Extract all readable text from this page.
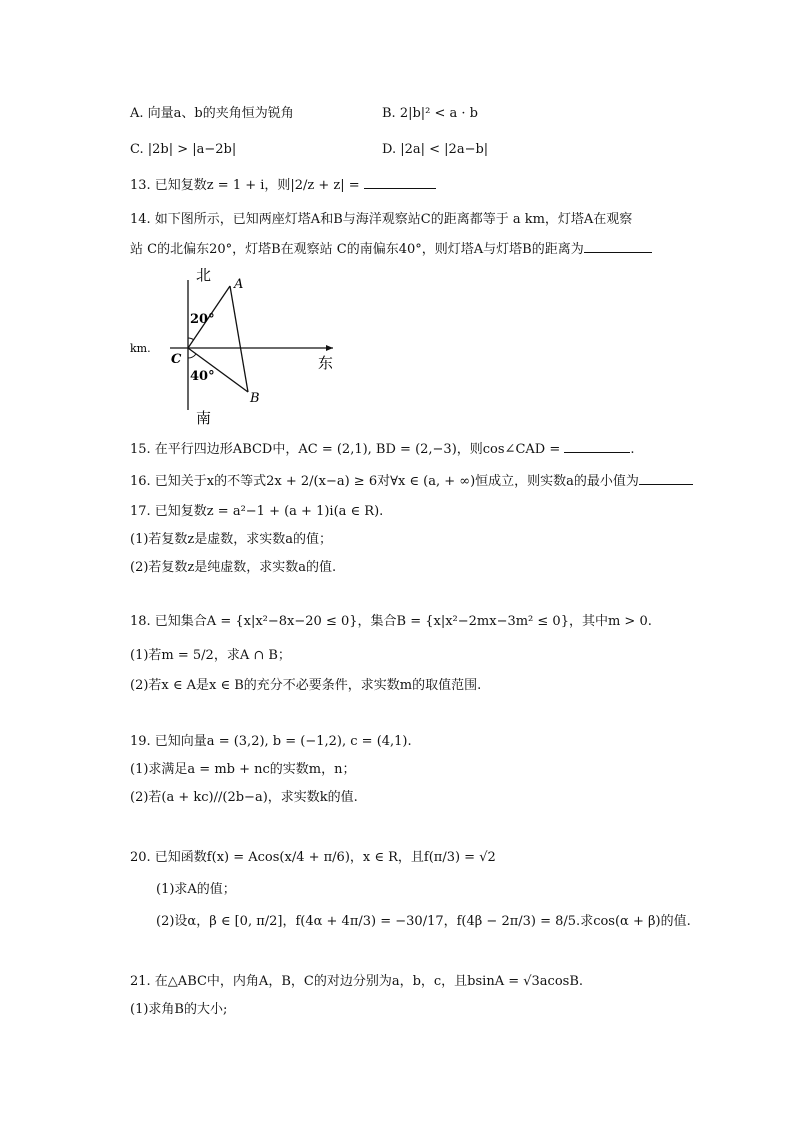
A. 向量a、b的夹角恒为锐角	B. 2|b|² < a · b
C. |2b| > |a−2b|	D. |2a| < |2a−b|
13. 已知复数z = 1 + i，则|2/z + z| =
14. 如下图所示，已知两座灯塔A和B与海洋观察站C的距离都等于 a km，灯塔A在观察
站 C的北偏东20°，灯塔B在观察站 C的南偏东40°，则灯塔A与灯塔B的距离为
北
南
东
A
B
C
20°
40°
km.
15. 在平行四边形ABCD中，AC = (2,1), BD = (2,−3)，则cos∠CAD =	.
16. 已知关于x的不等式2x + 2/(x−a) ≥ 6对∀x ∈ (a, + ∞)恒成立，则实数a的最小值为
17. 已知复数z = a²−1 + (a + 1)i(a ∈ R).
(1)若复数z是虚数，求实数a的值；
(2)若复数z是纯虚数，求实数a的值.
18. 已知集合A = {x|x²−8x−20 ≤ 0}，集合B = {x|x²−2mx−3m² ≤ 0}，其中m > 0.
(1)若m = 5/2，求A ∩ B；
(2)若x ∈ A是x ∈ B的充分不必要条件，求实数m的取值范围.
19. 已知向量a = (3,2), b = (−1,2), c = (4,1).
(1)求满足a = mb + nc的实数m，n；
(2)若(a + kc)//(2b−a)，求实数k的值.
20. 已知函数f(x) = Acos(x/4 + π/6)，x ∈ R，且f(π/3) = √2
(1)求A的值；
(2)设α，β ∈ [0, π/2]，f(4α + 4π/3) = −30/17，f(4β − 2π/3) = 8/5.求cos(α + β)的值.
21. 在△ABC中，内角A，B，C的对边分别为a，b，c，且bsinA = √3acosB.
(1)求角B的大小;
